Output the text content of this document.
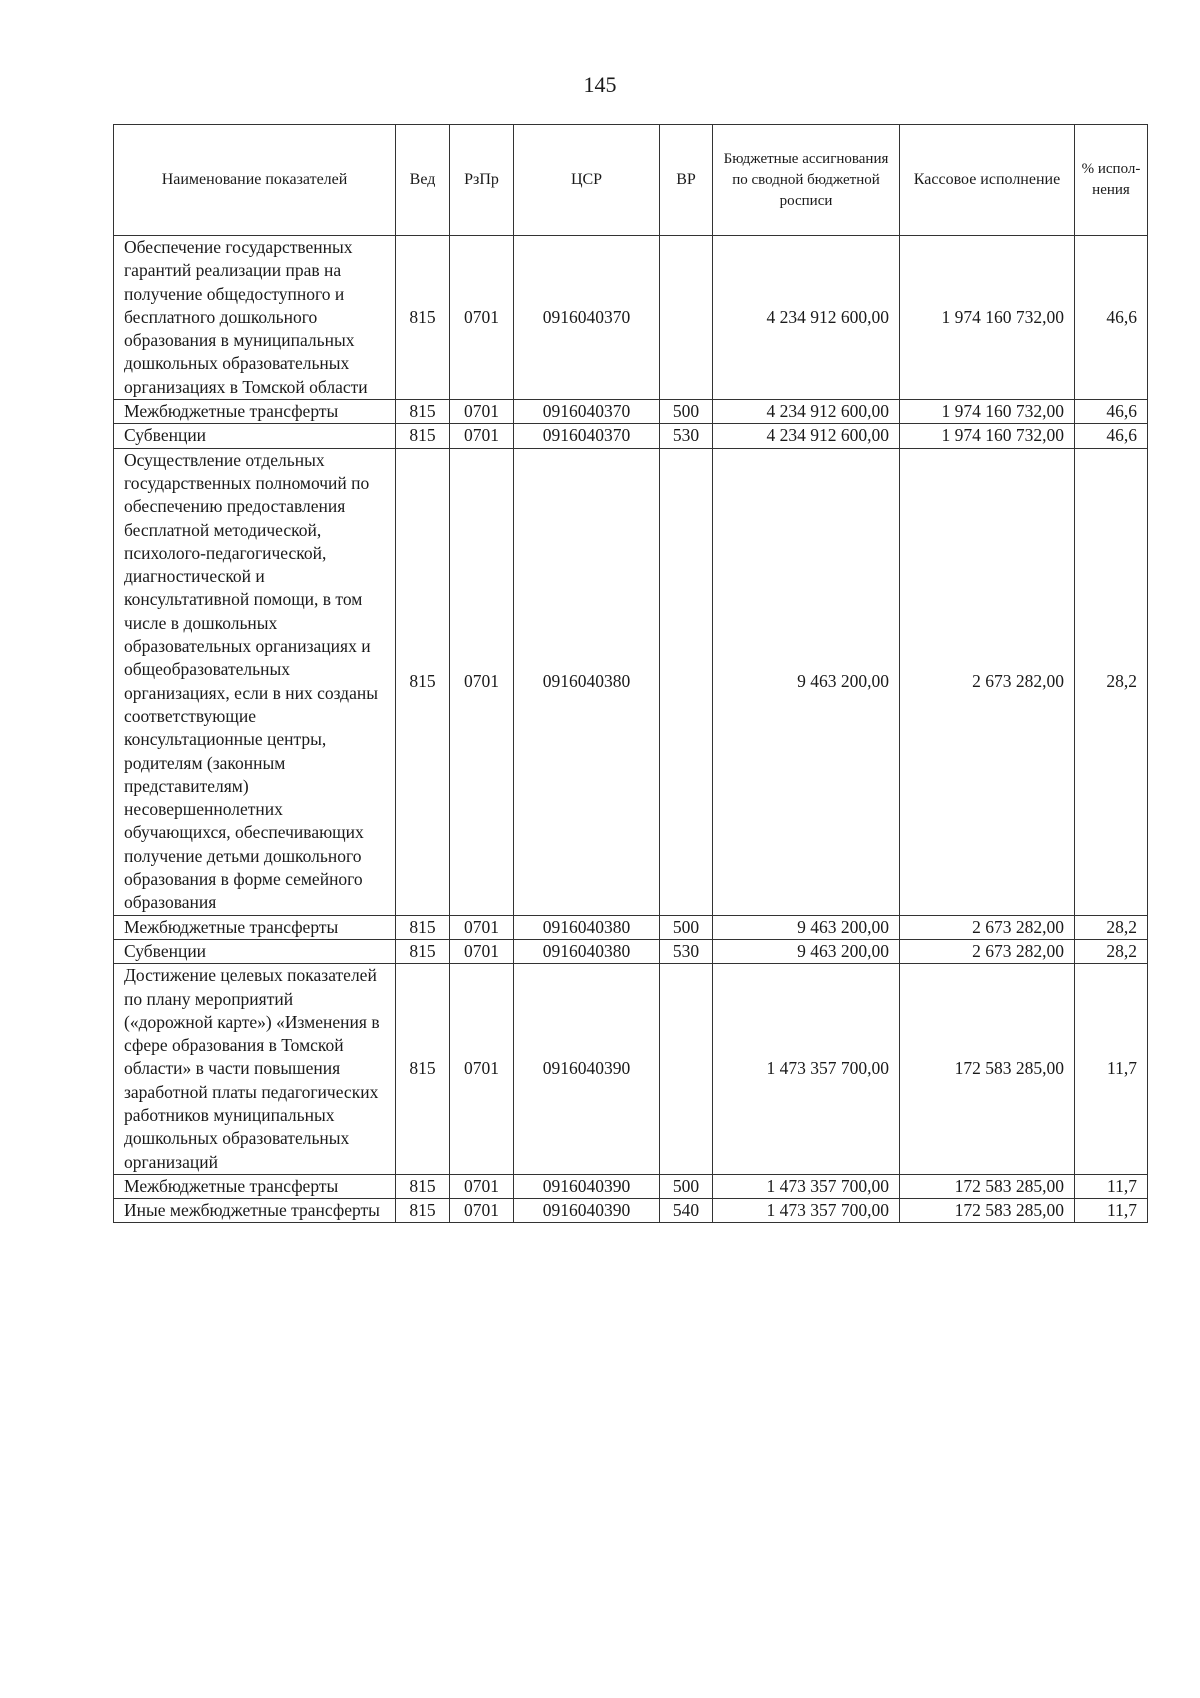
145
Наименование показателей	Вед	РзПр	ЦСР	ВР	Бюджетные ассигнования по сводной бюджетной росписи	Кассовое исполнение	% испол- нения
Обеспечение государственных гарантий реализации прав на получение общедоступного и бесплатного дошкольного образования в муниципальных дошкольных образовательных организациях в Томской области	815	0701	0916040370		4 234 912 600,00	1 974 160 732,00	46,6
Межбюджетные трансферты	815	0701	0916040370	500	4 234 912 600,00	1 974 160 732,00	46,6
Субвенции	815	0701	0916040370	530	4 234 912 600,00	1 974 160 732,00	46,6
Осуществление отдельных государственных полномочий по обеспечению предоставления бесплатной методической, психолого-педагогической, диагностической и консультативной помощи, в том числе в дошкольных образовательных организациях и общеобразовательных организациях, если в них созданы соответствующие консультационные центры, родителям (законным представителям) несовершеннолетних обучающихся, обеспечивающих получение детьми дошкольного образования в форме семейного образования	815	0701	0916040380		9 463 200,00	2 673 282,00	28,2
Межбюджетные трансферты	815	0701	0916040380	500	9 463 200,00	2 673 282,00	28,2
Субвенции	815	0701	0916040380	530	9 463 200,00	2 673 282,00	28,2
Достижение целевых показателей по плану мероприятий («дорожной карте») «Изменения в сфере образования в Томской области» в части повышения заработной платы педагогических работников муниципальных дошкольных образовательных организаций	815	0701	0916040390		1 473 357 700,00	172 583 285,00	11,7
Межбюджетные трансферты	815	0701	0916040390	500	1 473 357 700,00	172 583 285,00	11,7
Иные межбюджетные трансферты	815	0701	0916040390	540	1 473 357 700,00	172 583 285,00	11,7
